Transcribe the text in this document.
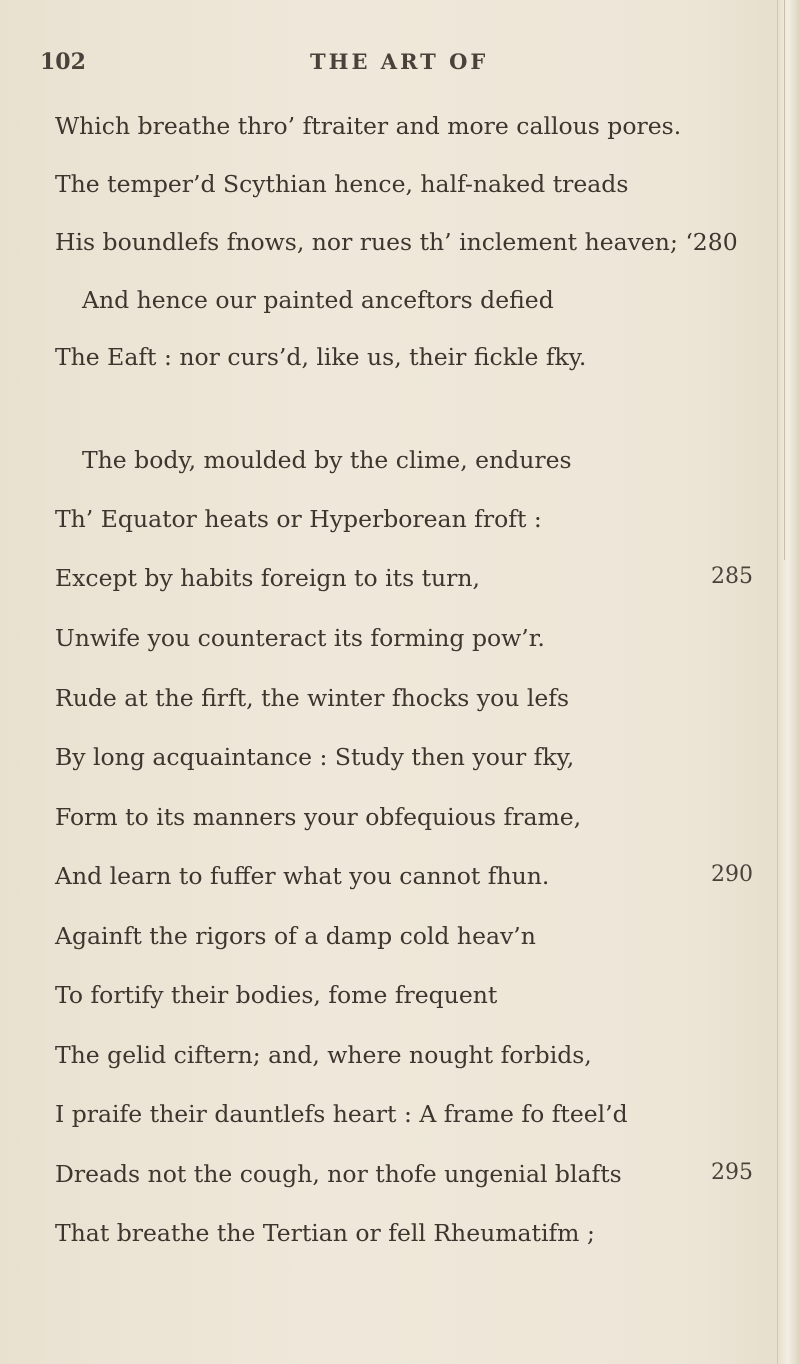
102	THE ART OF
Which breathe thro’ ftraiter and more callous pores.
The temper’d Scythian hence, half-naked treads
His boundlefs fnows, nor rues th’ inclement heaven; ‘280
And hence our painted anceftors defied
The Eaft : nor curs’d, like us, their fickle fky.
The body, moulded by the clime, endures
Th’ Equator heats or Hyperborean froft :
Except by habits foreign to its turn,	285
Unwife you counteract its forming pow’r.
Rude at the firft, the winter fhocks you lefs
By long acquaintance : Study then your fky,
Form to its manners your obfequious frame,
And learn to fuffer what you cannot fhun.	290
Againft the rigors of a damp cold heav’n
To fortify their bodies, fome frequent
The gelid ciftern; and, where nought forbids,
I praife their dauntlefs heart : A frame fo fteel’d
Dreads not the cough, nor thofe ungenial blafts	295
That breathe the Tertian or fell Rheumatifm ;
